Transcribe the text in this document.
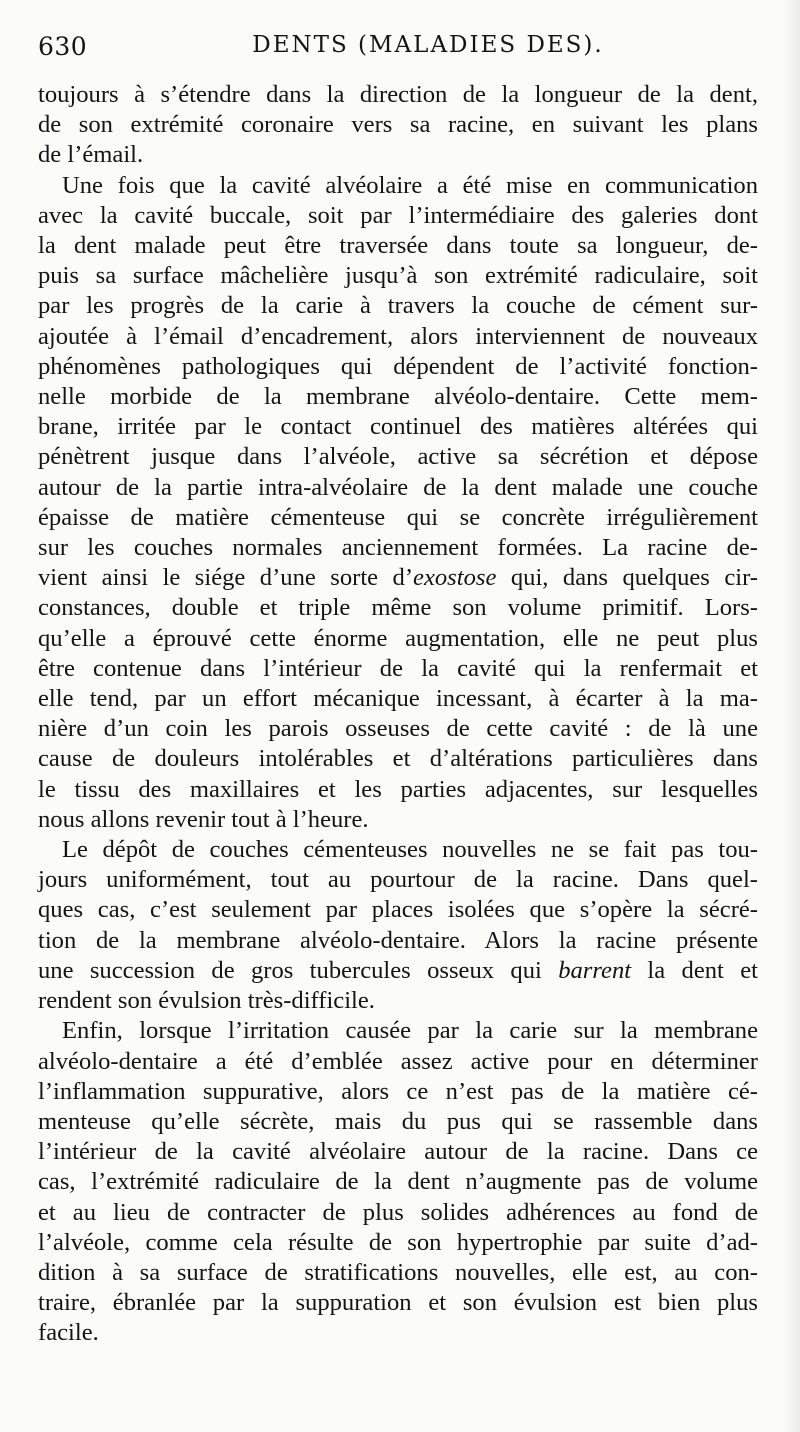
630	DENTS (MALADIES DES).

toujours à s’étendre dans la direction de la longueur de la dent,
de son extrémité coronaire vers sa racine, en suivant les plans
de l’émail.

Une fois que la cavité alvéolaire a été mise en communication
avec la cavité buccale, soit par l’intermédiaire des galeries dont
la dent malade peut être traversée dans toute sa longueur, de-
puis sa surface mâchelière jusqu’à son extrémité radiculaire, soit
par les progrès de la carie à travers la couche de cément sur-
ajoutée à l’émail d’encadrement, alors interviennent de nouveaux
phénomènes pathologiques qui dépendent de l’activité fonction-
nelle morbide de la membrane alvéolo-dentaire. Cette mem-
brane, irritée par le contact continuel des matières altérées qui
pénètrent jusque dans l’alvéole, active sa sécrétion et dépose
autour de la partie intra-alvéolaire de la dent malade une couche
épaisse de matière cémenteuse qui se concrète irrégulièrement
sur les couches normales anciennement formées. La racine de-
vient ainsi le siége d’une sorte d’exostose qui, dans quelques cir-
constances, double et triple même son volume primitif. Lors-
qu’elle a éprouvé cette énorme augmentation, elle ne peut plus
être contenue dans l’intérieur de la cavité qui la renfermait et
elle tend, par un effort mécanique incessant, à écarter à la ma-
nière d’un coin les parois osseuses de cette cavité : de là une
cause de douleurs intolérables et d’altérations particulières dans
le tissu des maxillaires et les parties adjacentes, sur lesquelles
nous allons revenir tout à l’heure.

Le dépôt de couches cémenteuses nouvelles ne se fait pas tou-
jours uniformément, tout au pourtour de la racine. Dans quel-
ques cas, c’est seulement par places isolées que s’opère la sécré-
tion de la membrane alvéolo-dentaire. Alors la racine présente
une succession de gros tubercules osseux qui barrent la dent et
rendent son évulsion très-difficile.

Enfin, lorsque l’irritation causée par la carie sur la membrane
alvéolo-dentaire a été d’emblée assez active pour en déterminer
l’inflammation suppurative, alors ce n’est pas de la matière cé-
menteuse qu’elle sécrète, mais du pus qui se rassemble dans
l’intérieur de la cavité alvéolaire autour de la racine. Dans ce
cas, l’extrémité radiculaire de la dent n’augmente pas de volume
et au lieu de contracter de plus solides adhérences au fond de
l’alvéole, comme cela résulte de son hypertrophie par suite d’ad-
dition à sa surface de stratifications nouvelles, elle est, au con-
traire, ébranlée par la suppuration et son évulsion est bien plus
facile.
